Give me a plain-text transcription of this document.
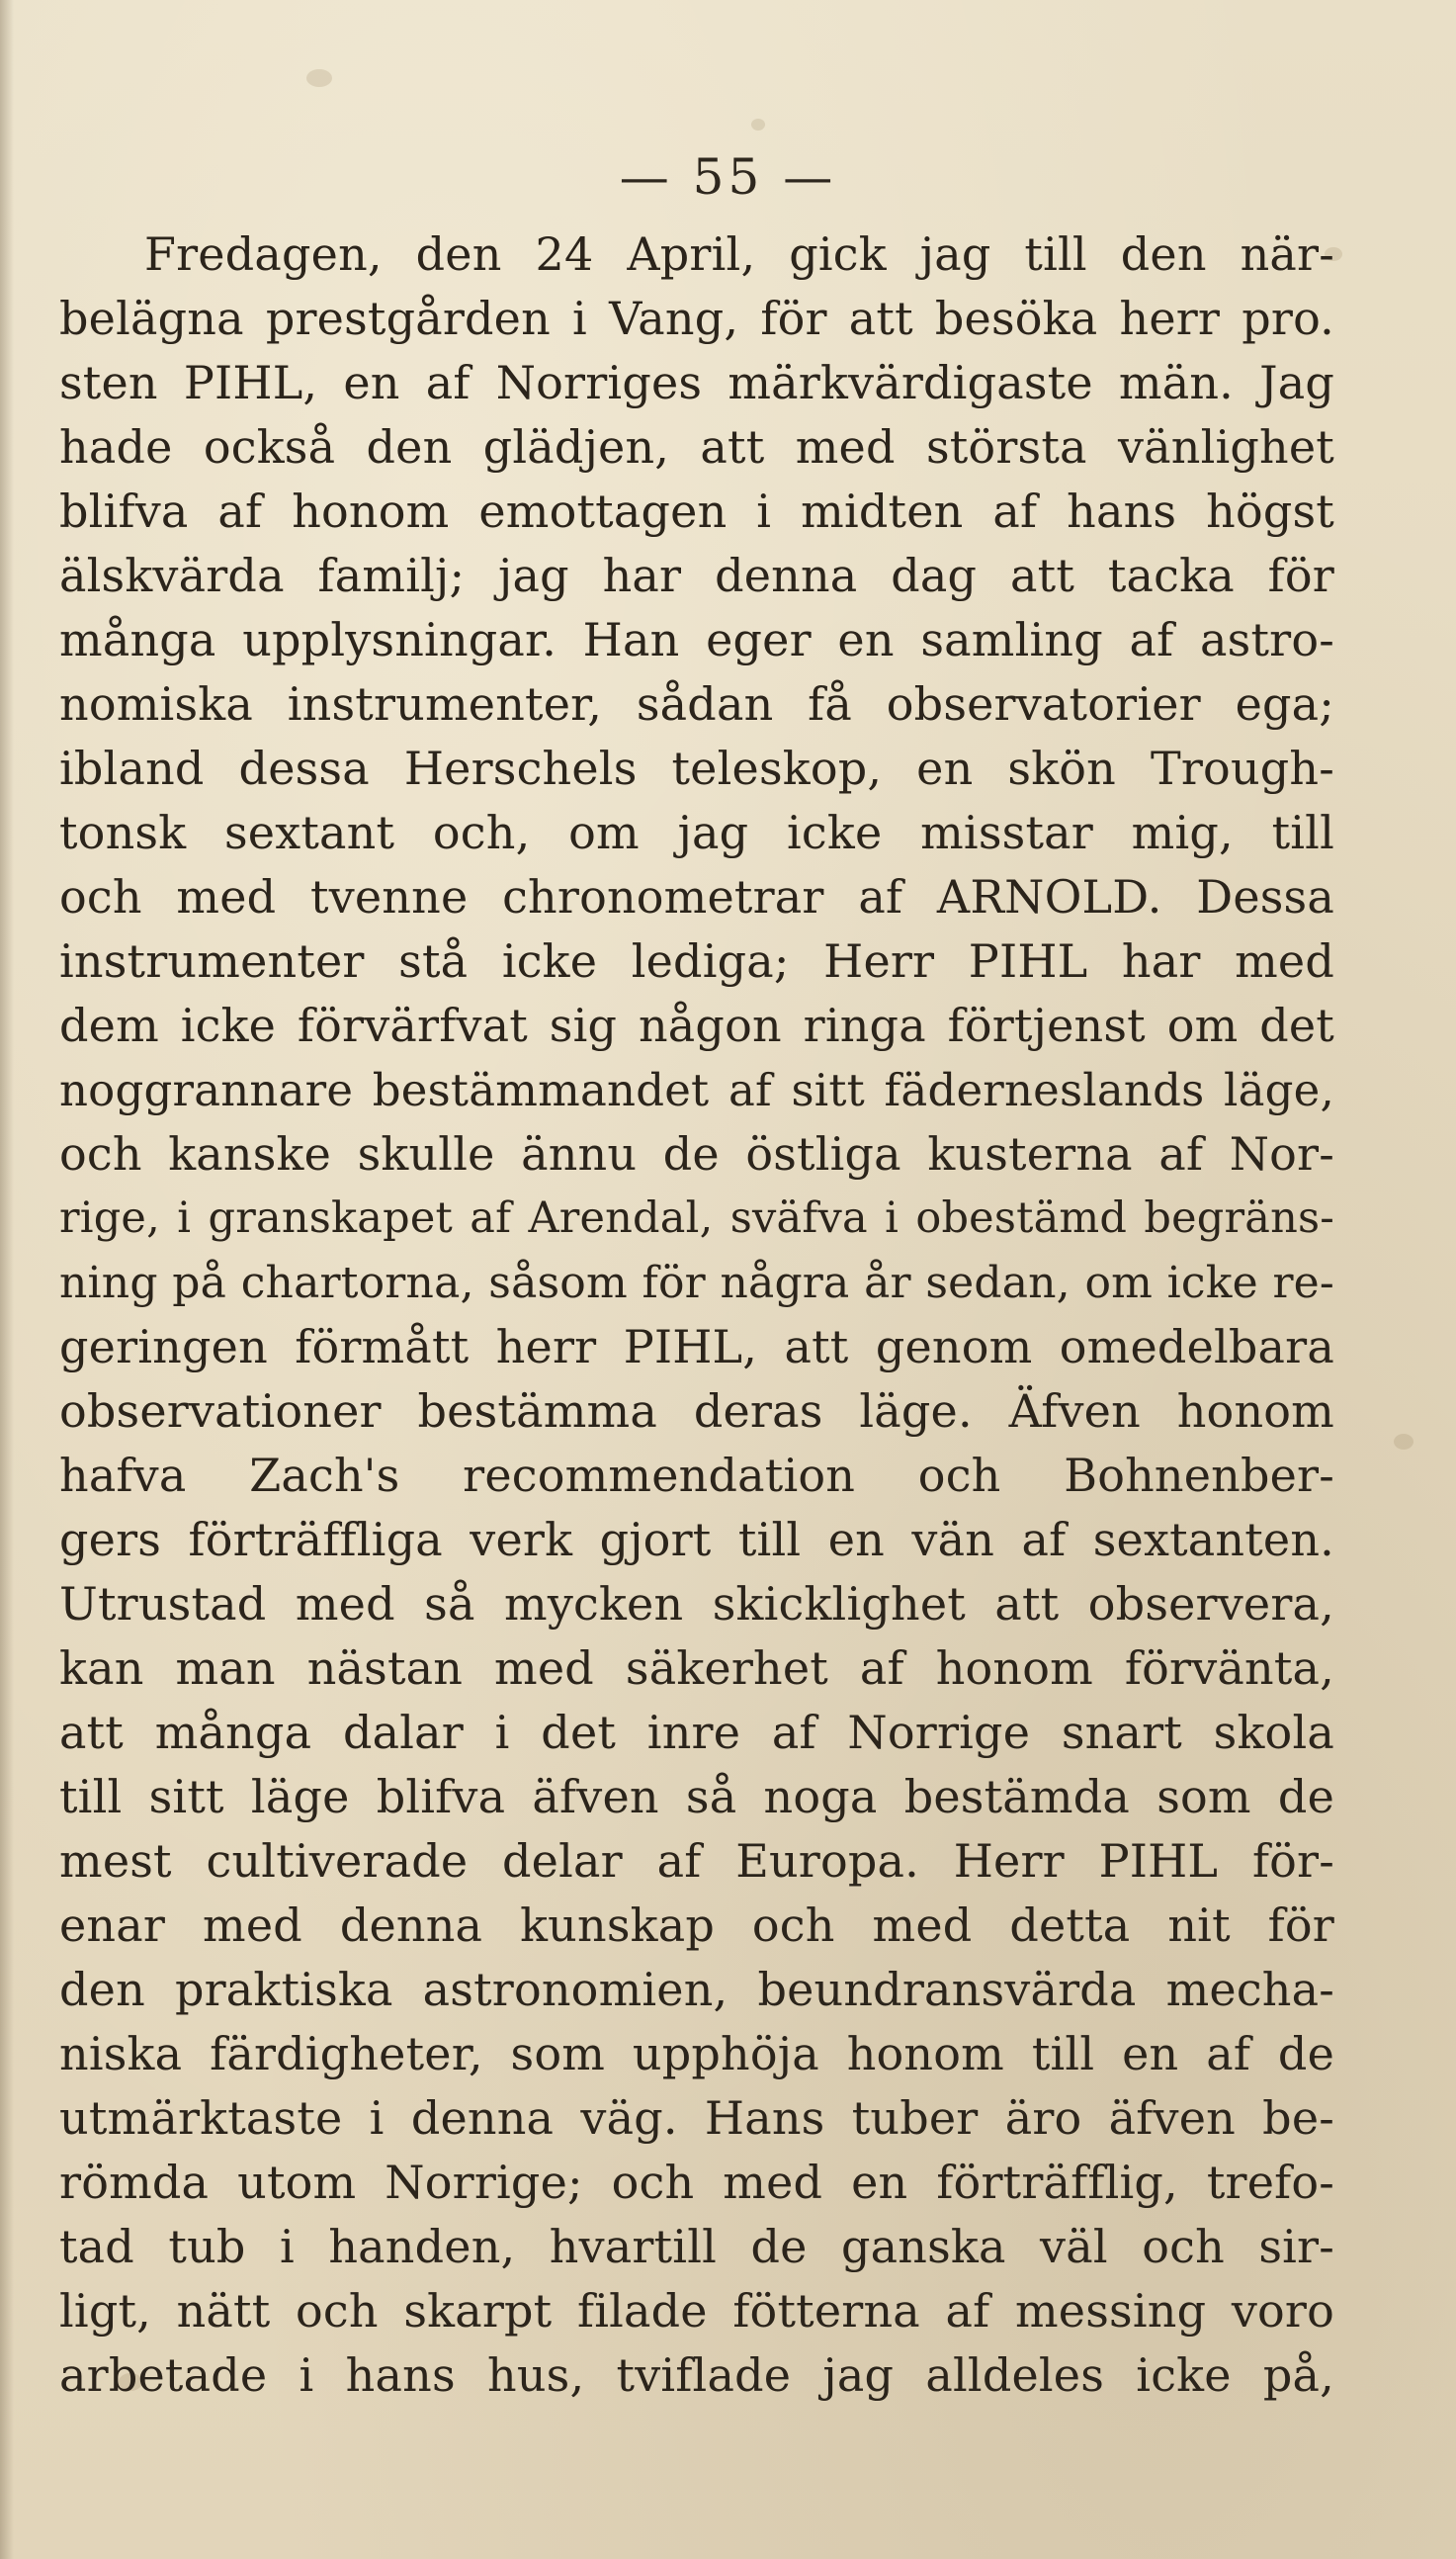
— 55 —
Fredagen, den 24 April, gick jag till den när-
belägna prestgården i Vang, för att besöka herr pro.
sten PIHL, en af Norriges märkvärdigaste män. Jag
hade också den glädjen, att med största vänlighet
blifva af honom emottagen i midten af hans högst
älskvärda familj; jag har denna dag att tacka för
många upplysningar. Han eger en samling af astro-
nomiska instrumenter, sådan få observatorier ega;
ibland dessa Herschels teleskop, en skön Trough-
tonsk sextant och, om jag icke misstar mig, till
och med tvenne chronometrar af ARNOLD. Dessa
instrumenter stå icke lediga; Herr PIHL har med
dem icke förvärfvat sig någon ringa förtjenst om det
noggrannare bestämmandet af sitt fäderneslands läge,
och kanske skulle ännu de östliga kusterna af Nor-
rige, i granskapet af Arendal, sväfva i obestämd begräns-
ning på chartorna, såsom för några år sedan, om icke re-
geringen förmått herr PIHL, att genom omedelbara
observationer bestämma deras läge. Äfven honom
hafva Zach's recommendation och Bohnenber-
gers förträffliga verk gjort till en vän af sextanten.
Utrustad med så mycken skicklighet att observera,
kan man nästan med säkerhet af honom förvänta,
att många dalar i det inre af Norrige snart skola
till sitt läge blifva äfven så noga bestämda som de
mest cultiverade delar af Europa. Herr PIHL för-
enar med denna kunskap och med detta nit för
den praktiska astronomien, beundransvärda mecha-
niska färdigheter, som upphöja honom till en af de
utmärktaste i denna väg. Hans tuber äro äfven be-
römda utom Norrige; och med en förträfflig, trefo-
tad tub i handen, hvartill de ganska väl och sir-
ligt, nätt och skarpt filade fötterna af messing voro
arbetade i hans hus, tviflade jag alldeles icke på,
